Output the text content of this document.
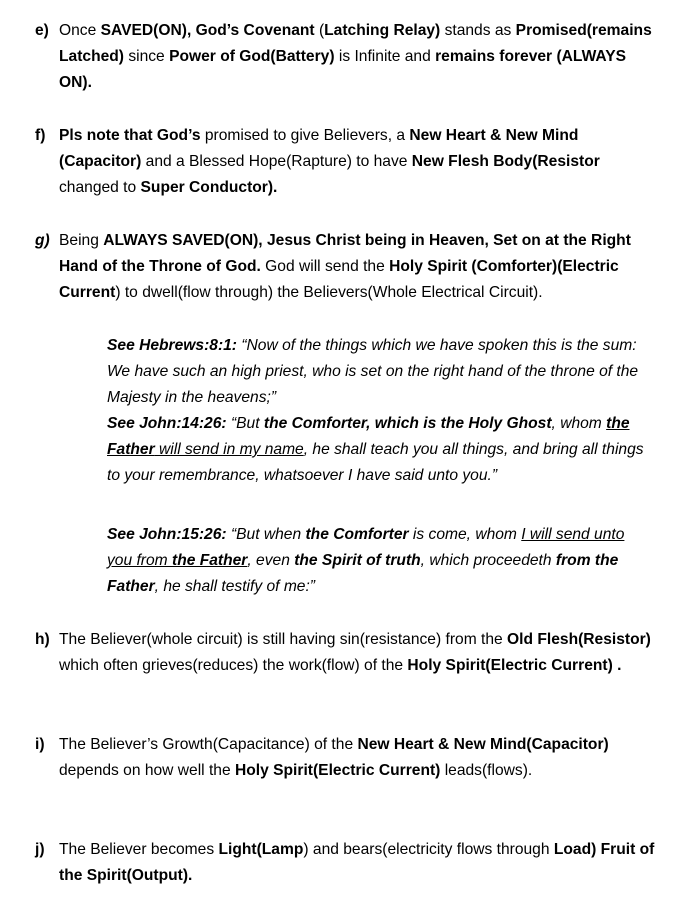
e) Once SAVED(ON), God’s Covenant (Latching Relay) stands as Promised(remains Latched) since Power of God(Battery) is Infinite and remains forever (ALWAYS ON).
f) Pls note that God’s promised to give Believers, a New Heart & New Mind (Capacitor) and a Blessed Hope(Rapture) to have New Flesh Body(Resistor changed to Super Conductor).
g) Being ALWAYS SAVED(ON), Jesus Christ being in Heaven, Set on at the Right Hand of the Throne of God. God will send the Holy Spirit (Comforter)(Electric Current) to dwell(flow through) the Believers(Whole Electrical Circuit).
See Hebrews:8:1: “Now of the things which we have spoken this is the sum: We have such an high priest, who is set on the right hand of the throne of the Majesty in the heavens;”
See John:14:26: “But the Comforter, which is the Holy Ghost, whom the Father will send in my name, he shall teach you all things, and bring all things to your remembrance, whatsoever I have said unto you.”
See John:15:26: “But when the Comforter is come, whom I will send unto you from the Father, even the Spirit of truth, which proceedeth from the Father, he shall testify of me:”
h) The Believer(whole circuit) is still having sin(resistance) from the Old Flesh(Resistor) which often grieves(reduces) the work(flow) of the Holy Spirit(Electric Current) .
i) The Believer’s Growth(Capacitance) of the New Heart & New Mind(Capacitor) depends on how well the Holy Spirit(Electric Current) leads(flows).
j) The Believer becomes Light(Lamp) and bears(electricity flows through Load) Fruit of the Spirit(Output).
